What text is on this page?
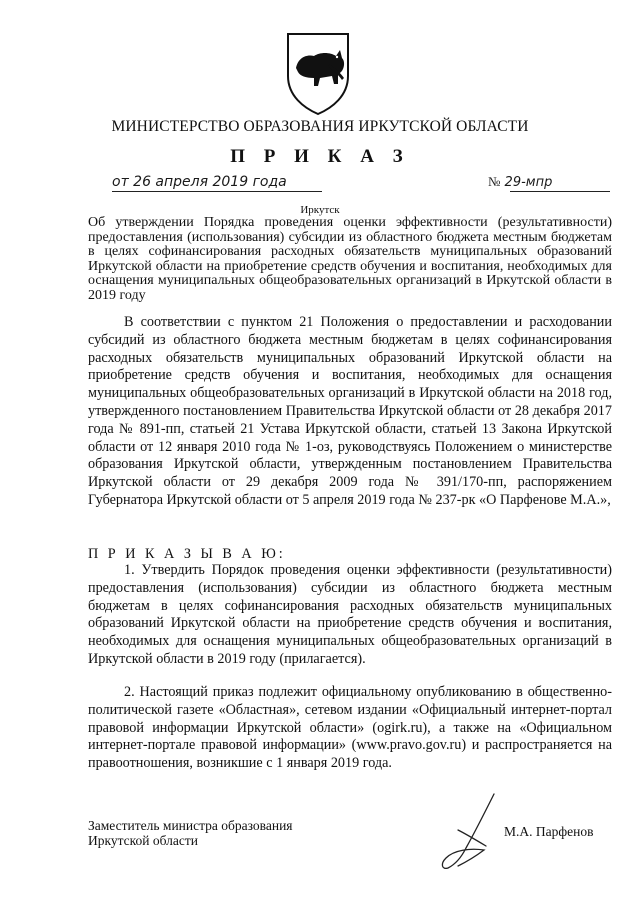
МИНИСТЕРСТВО ОБРАЗОВАНИЯ ИРКУТСКОЙ ОБЛАСТИ
П Р И К А З
от 26 апреля 2019 года	№ 29-мпр
Иркутск
Об утверждении Порядка проведения оценки эффективности (результативности) предоставления (использования) субсидии из областного бюджета местным бюджетам в целях софинансирования расходных обязательств муниципальных образований Иркутской области на приобретение средств обучения и воспитания, необходимых для оснащения муниципальных общеобразовательных организаций в Иркутской области в 2019 году

В соответствии с пунктом 21 Положения о предоставлении и расходовании субсидий из областного бюджета местным бюджетам в целях софинансирования расходных обязательств муниципальных образований Иркутской области на приобретение средств обучения и воспитания, необходимых для оснащения муниципальных общеобразовательных организаций в Иркутской области на 2018 год, утвержденного постановлением Правительства Иркутской области от 28 декабря 2017 года № 891-пп, статьей 21 Устава Иркутской области, статьей 13 Закона Иркутской области от 12 января 2010 года № 1-оз, руководствуясь Положением о министерстве образования Иркутской области, утвержденным постановлением Правительства Иркутской области от 29 декабря 2009 года № 391/170-пп, распоряжением Губернатора Иркутской области от 5 апреля 2019 года № 237-рк «О Парфенове М.А.»,

П Р И К А З Ы В А Ю:

1. Утвердить Порядок проведения оценки эффективности (результативности) предоставления (использования) субсидии из областного бюджета местным бюджетам в целях софинансирования расходных обязательств муниципальных образований Иркутской области на приобретение средств обучения и воспитания, необходимых для оснащения муниципальных общеобразовательных организаций в Иркутской области в 2019 году (прилагается).

2. Настоящий приказ подлежит официальному опубликованию в общественно-политической газете «Областная», сетевом издании «Официальный интернет-портал правовой информации Иркутской области» (ogirk.ru), а также на «Официальном интернет-портале правовой информации» (www.pravo.gov.ru) и распространяется на правоотношения, возникшие с 1 января 2019 года.

Заместитель министра образования
Иркутской области
М.А. Парфенов
